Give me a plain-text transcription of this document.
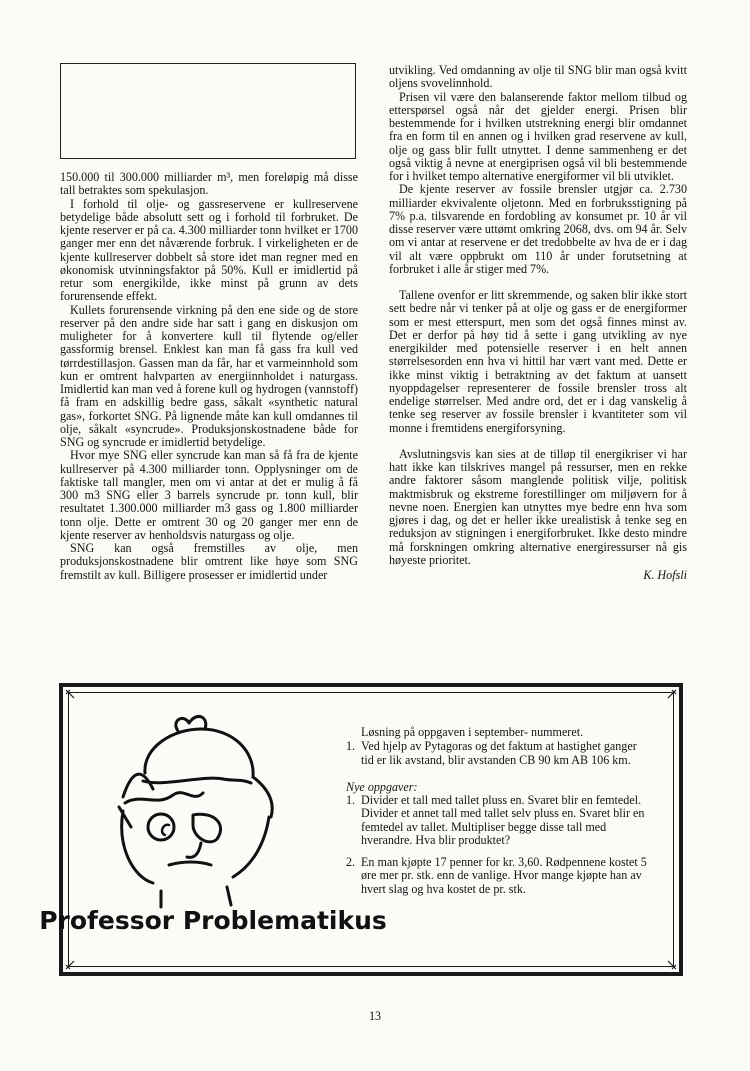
150.000 til 300.000 milliarder m³, men foreløpig må disse tall betraktes som spekulasjon.

I forhold til olje- og gassreservene er kullreservene betydelige både absolutt sett og i forhold til forbruket. De kjente reserver er på ca. 4.300 milliarder tonn hvilket er 1700 ganger mer enn det nåværende forbruk. I virkeligheten er de kjente kullreserver dobbelt så store idet man regner med en økonomisk utvinningsfaktor på 50%. Kull er imidlertid på retur som energikilde, ikke minst på grunn av dets forurensende effekt.

Kullets forurensende virkning på den ene side og de store reserver på den andre side har satt i gang en diskusjon om muligheter for å konvertere kull til flytende og/eller gassformig brensel. Enklest kan man få gass fra kull ved tørrdestillasjon. Gassen man da får, har et varmeinnhold som kun er omtrent halvparten av energiinnholdet i naturgass. Imidlertid kan man ved å forene kull og hydrogen (vannstoff) få fram en adskillig bedre gass, såkalt «synthetic natural gas», forkortet SNG. På lignende måte kan kull omdannes til olje, såkalt «syncrude». Produksjonskostnadene både for SNG og syncrude er imidlertid betydelige.

Hvor mye SNG eller syncrude kan man så få fra de kjente kullreserver på 4.300 milliarder tonn. Opplysninger om de faktiske tall mangler, men om vi antar at det er mulig å få 300 m3 SNG eller 3 barrels syncrude pr. tonn kull, blir resultatet 1.300.000 milliarder m3 gass og 1.800 milliarder tonn olje. Dette er omtrent 30 og 20 ganger mer enn de kjente reserver av henholdsvis naturgass og olje.

SNG kan også fremstilles av olje, men produksjonskostnadene blir omtrent like høye som SNG fremstilt av kull. Billigere prosesser er imidlertid under

utvikling. Ved omdanning av olje til SNG blir man også kvitt oljens svovelinnhold.

Prisen vil være den balanserende faktor mellom tilbud og etterspørsel også når det gjelder energi. Prisen blir bestemmende for i hvilken utstrekning energi blir omdannet fra en form til en annen og i hvilken grad reservene av kull, olje og gass blir fullt utnyttet. I denne sammenheng er det også viktig å nevne at energiprisen også vil bli bestemmende for i hvilket tempo alternative energiformer vil bli utviklet.

De kjente reserver av fossile brensler utgjør ca. 2.730 milliarder ekvivalente oljetonn. Med en forbruksstigning på 7% p.a. tilsvarende en fordobling av konsumet pr. 10 år vil disse reserver være uttømt omkring 2068, dvs. om 94 år. Selv om vi antar at reservene er det tredobbelte av hva de er i dag vil alt være oppbrukt om 110 år under forutsetning at forbruket i alle år stiger med 7%.

Tallene ovenfor er litt skremmende, og saken blir ikke stort sett bedre når vi tenker på at olje og gass er de energiformer som er mest etterspurt, men som det også finnes minst av. Det er derfor på høy tid å sette i gang utvikling av nye energikilder med potensielle reserver i en helt annen størrelsesorden enn hva vi hittil har vært vant med. Dette er ikke minst viktig i betraktning av det faktum at uansett nyoppdagelser representerer de fossile brensler tross alt endelige størrelser. Med andre ord, det er i dag vanskelig å tenke seg reserver av fossile brensler i kvantiteter som vil monne i fremtidens energiforsyning.

Avslutningsvis kan sies at de tilløp til energikriser vi har hatt ikke kan tilskrives mangel på ressurser, men en rekke andre faktorer såsom manglende politisk vilje, politisk maktmisbruk og ekstreme forestillinger om miljøvern for å nevne noen. Energien kan utnyttes mye bedre enn hva som gjøres i dag, og det er heller ikke urealistisk å tenke seg en reduksjon av stigningen i energiforbruket. Ikke desto mindre må forskningen omkring alternative energiressurser nå gis høyeste prioritet.

K. Hofsli
Professor Problematikus

Løsning på oppgaven i september- nummeret.

1. Ved hjelp av Pytagoras og det faktum at hastighet ganger tid er lik avstand, blir avstanden CB 90 km AB 106 km.

Nye oppgaver:

1. Divider et tall med tallet pluss en. Svaret blir en femtedel. Divider et annet tall med tallet selv pluss en. Svaret blir en femtedel av tallet. Multipliser begge disse tall med hverandre. Hva blir produktet?

2. En man kjøpte 17 penner for kr. 3,60. Rødpennene kostet 5 øre mer pr. stk. enn de vanlige. Hvor mange kjøpte han av hvert slag og hva kostet de pr. stk.

13
